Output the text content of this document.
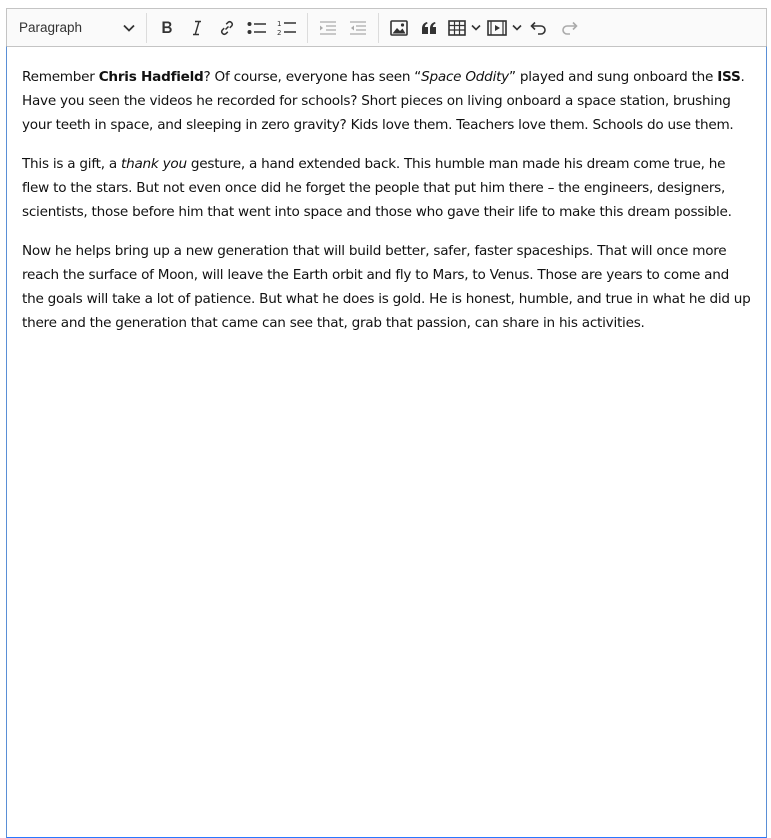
Paragraph	1
2

Remember Chris Hadfield? Of course, everyone has seen “Space Oddity” played and sung onboard the ISS. Have you seen the videos he recorded for schools? Short pieces on living onboard a space station, brushing your teeth in space, and sleeping in zero gravity? Kids love them. Teachers love them. Schools do use them.

This is a gift, a thank you gesture, a hand extended back. This humble man made his dream come true, he flew to the stars. But not even once did he forget the people that put him there – the engineers, designers, scientists, those before him that went into space and those who gave their life to make this dream possible.

Now he helps bring up a new generation that will build better, safer, faster spaceships. That will once more reach the surface of Moon, will leave the Earth orbit and fly to Mars, to Venus. Those are years to come and the goals will take a lot of patience. But what he does is gold. He is honest, humble, and true in what he did up there and the generation that came can see that, grab that passion, can share in his activities.
